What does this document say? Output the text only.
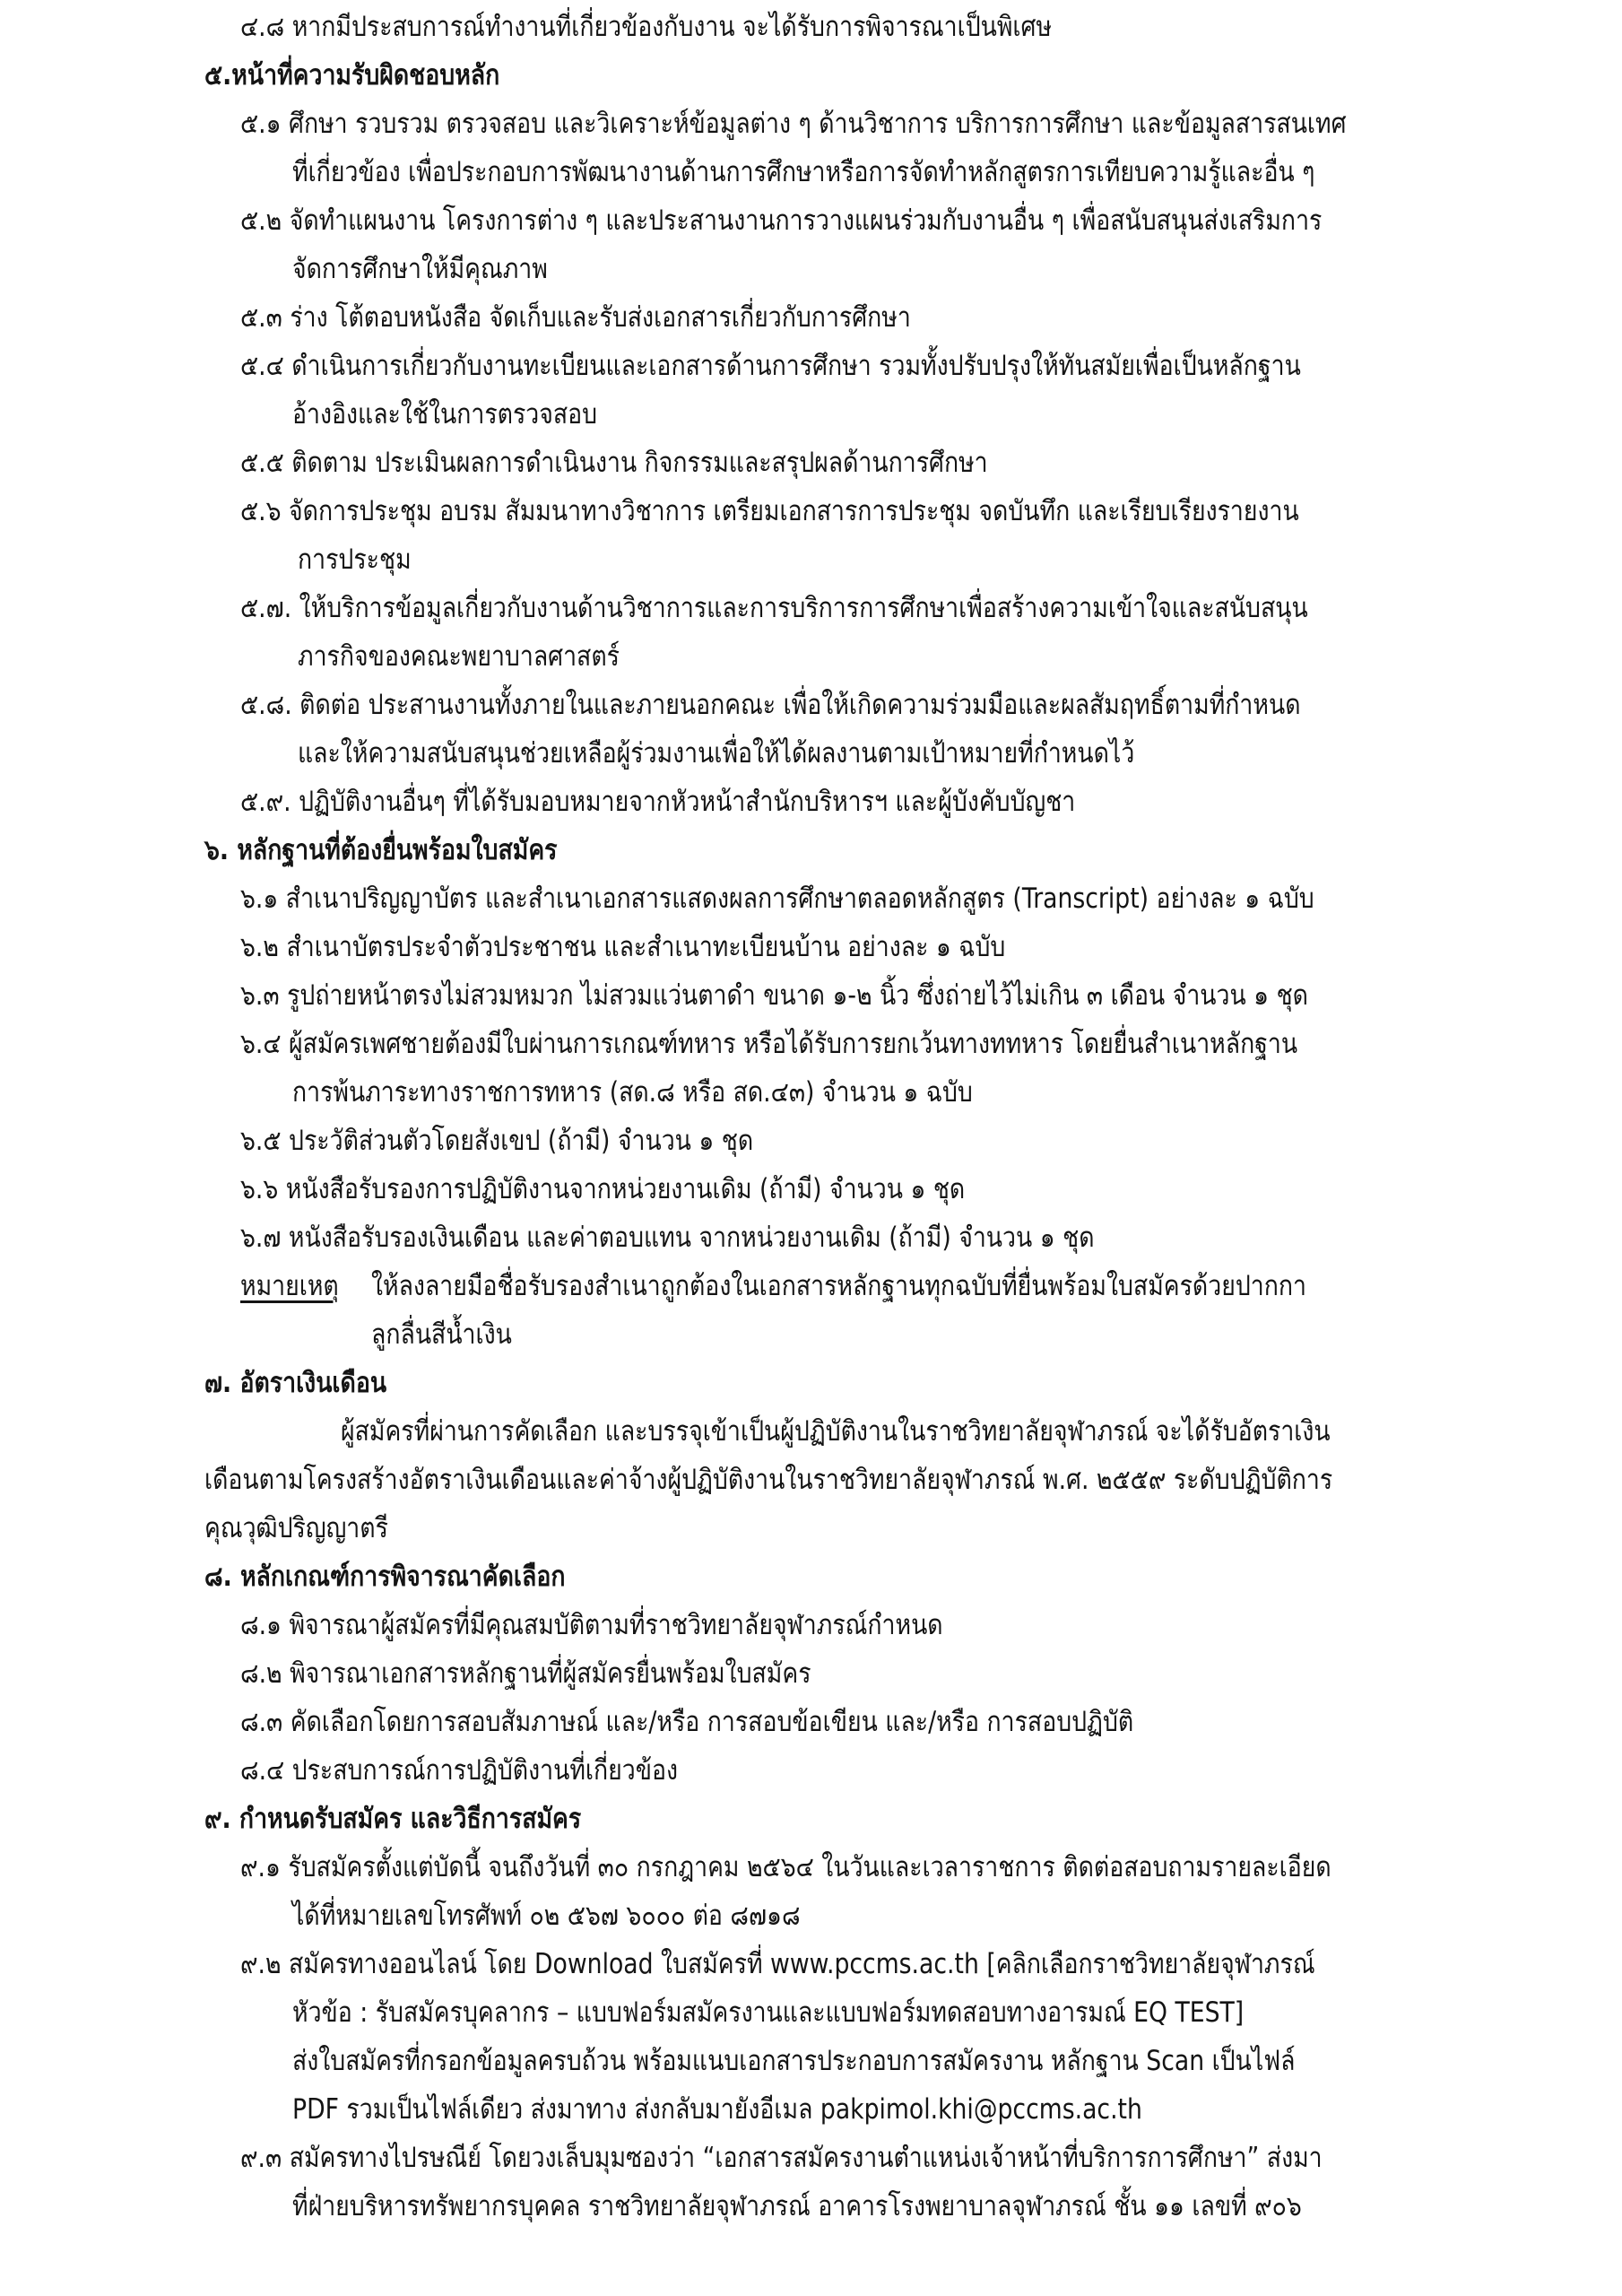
๔.๘ หากมีประสบการณ์ทำงานที่เกี่ยวข้องกับงาน จะได้รับการพิจารณาเป็นพิเศษ
๕.หน้าที่ความรับผิดชอบหลัก
๕.๑ ศึกษา รวบรวม ตรวจสอบ และวิเคราะห์ข้อมูลต่าง ๆ ด้านวิชาการ บริการการศึกษา และข้อมูลสารสนเทศ
ที่เกี่ยวข้อง เพื่อประกอบการพัฒนางานด้านการศึกษาหรือการจัดทำหลักสูตรการเทียบความรู้และอื่น ๆ
๕.๒ จัดทำแผนงาน โครงการต่าง ๆ และประสานงานการวางแผนร่วมกับงานอื่น ๆ เพื่อสนับสนุนส่งเสริมการ
จัดการศึกษาให้มีคุณภาพ
๕.๓ ร่าง โต้ตอบหนังสือ จัดเก็บและรับส่งเอกสารเกี่ยวกับการศึกษา
๕.๔ ดำเนินการเกี่ยวกับงานทะเบียนและเอกสารด้านการศึกษา รวมทั้งปรับปรุงให้ทันสมัยเพื่อเป็นหลักฐาน
อ้างอิงและใช้ในการตรวจสอบ
๕.๕ ติดตาม ประเมินผลการดำเนินงาน กิจกรรมและสรุปผลด้านการศึกษา
๕.๖ จัดการประชุม อบรม สัมมนาทางวิชาการ เตรียมเอกสารการประชุม จดบันทึก และเรียบเรียงรายงาน
การประชุม
๕.๗. ให้บริการข้อมูลเกี่ยวกับงานด้านวิชาการและการบริการการศึกษาเพื่อสร้างความเข้าใจและสนับสนุน
ภารกิจของคณะพยาบาลศาสตร์
๕.๘. ติดต่อ ประสานงานทั้งภายในและภายนอกคณะ เพื่อให้เกิดความร่วมมือและผลสัมฤทธิ์ตามที่กำหนด
และให้ความสนับสนุนช่วยเหลือผู้ร่วมงานเพื่อให้ได้ผลงานตามเป้าหมายที่กำหนดไว้
๕.๙. ปฏิบัติงานอื่นๆ ที่ได้รับมอบหมายจากหัวหน้าสำนักบริหารฯ และผู้บังคับบัญชา
๖. หลักฐานที่ต้องยื่นพร้อมใบสมัคร
๖.๑ สำเนาปริญญาบัตร และสำเนาเอกสารแสดงผลการศึกษาตลอดหลักสูตร (Transcript) อย่างละ ๑ ฉบับ
๖.๒ สำเนาบัตรประจำตัวประชาชน และสำเนาทะเบียนบ้าน อย่างละ ๑ ฉบับ
๖.๓ รูปถ่ายหน้าตรงไม่สวมหมวก ไม่สวมแว่นตาดำ ขนาด ๑-๒ นิ้ว ซึ่งถ่ายไว้ไม่เกิน ๓ เดือน จำนวน ๑ ชุด
๖.๔ ผู้สมัครเพศชายต้องมีใบผ่านการเกณฑ์ทหาร หรือได้รับการยกเว้นทางททหาร โดยยื่นสำเนาหลักฐาน
การพ้นภาระทางราชการทหาร (สด.๘ หรือ สด.๔๓) จำนวน ๑ ฉบับ
๖.๕ ประวัติส่วนตัวโดยสังเขป (ถ้ามี) จำนวน ๑ ชุด
๖.๖ หนังสือรับรองการปฏิบัติงานจากหน่วยงานเดิม (ถ้ามี) จำนวน ๑ ชุด
๖.๗ หนังสือรับรองเงินเดือน และค่าตอบแทน จากหน่วยงานเดิม (ถ้ามี) จำนวน ๑ ชุด
หมายเหตุ ให้ลงลายมือชื่อรับรองสำเนาถูกต้องในเอกสารหลักฐานทุกฉบับที่ยื่นพร้อมใบสมัครด้วยปากกา
ลูกลื่นสีน้ำเงิน
๗. อัตราเงินเดือน
ผู้สมัครที่ผ่านการคัดเลือก และบรรจุเข้าเป็นผู้ปฏิบัติงานในราชวิทยาลัยจุฬาภรณ์ จะได้รับอัตราเงิน
เดือนตามโครงสร้างอัตราเงินเดือนและค่าจ้างผู้ปฏิบัติงานในราชวิทยาลัยจุฬาภรณ์ พ.ศ. ๒๕๕๙ ระดับปฏิบัติการ
คุณวุฒิปริญญาตรี
๘. หลักเกณฑ์การพิจารณาคัดเลือก
๘.๑ พิจารณาผู้สมัครที่มีคุณสมบัติตามที่ราชวิทยาลัยจุฬาภรณ์กำหนด
๘.๒ พิจารณาเอกสารหลักฐานที่ผู้สมัครยื่นพร้อมใบสมัคร
๘.๓ คัดเลือกโดยการสอบสัมภาษณ์ และ/หรือ การสอบข้อเขียน และ/หรือ การสอบปฏิบัติ
๘.๔ ประสบการณ์การปฏิบัติงานที่เกี่ยวข้อง
๙. กำหนดรับสมัคร และวิธีการสมัคร
๙.๑ รับสมัครตั้งแต่บัดนี้ จนถึงวันที่ ๓๐ กรกฎาคม ๒๕๖๔ ในวันและเวลาราชการ ติดต่อสอบถามรายละเอียด
ได้ที่หมายเลขโทรศัพท์ ๐๒ ๕๖๗ ๖๐๐๐ ต่อ ๘๗๑๘
๙.๒ สมัครทางออนไลน์ โดย Download ใบสมัครที่ www.pccms.ac.th [คลิกเลือกราชวิทยาลัยจุฬาภรณ์
หัวข้อ : รับสมัครบุคลากร – แบบฟอร์มสมัครงานและแบบฟอร์มทดสอบทางอารมณ์ EQ TEST]
ส่งใบสมัครที่กรอกข้อมูลครบถ้วน พร้อมแนบเอกสารประกอบการสมัครงาน หลักฐาน Scan เป็นไฟล์
PDF รวมเป็นไฟล์เดียว ส่งมาทาง ส่งกลับมายังอีเมล pakpimol.khi@pccms.ac.th
๙.๓ สมัครทางไปรษณีย์ โดยวงเล็บมุมซองว่า “เอกสารสมัครงานตำแหน่งเจ้าหน้าที่บริการการศึกษา” ส่งมา
ที่ฝ่ายบริหารทรัพยากรบุคคล ราชวิทยาลัยจุฬาภรณ์ อาคารโรงพยาบาลจุฬาภรณ์ ชั้น ๑๑ เลขที่ ๙๐๖
